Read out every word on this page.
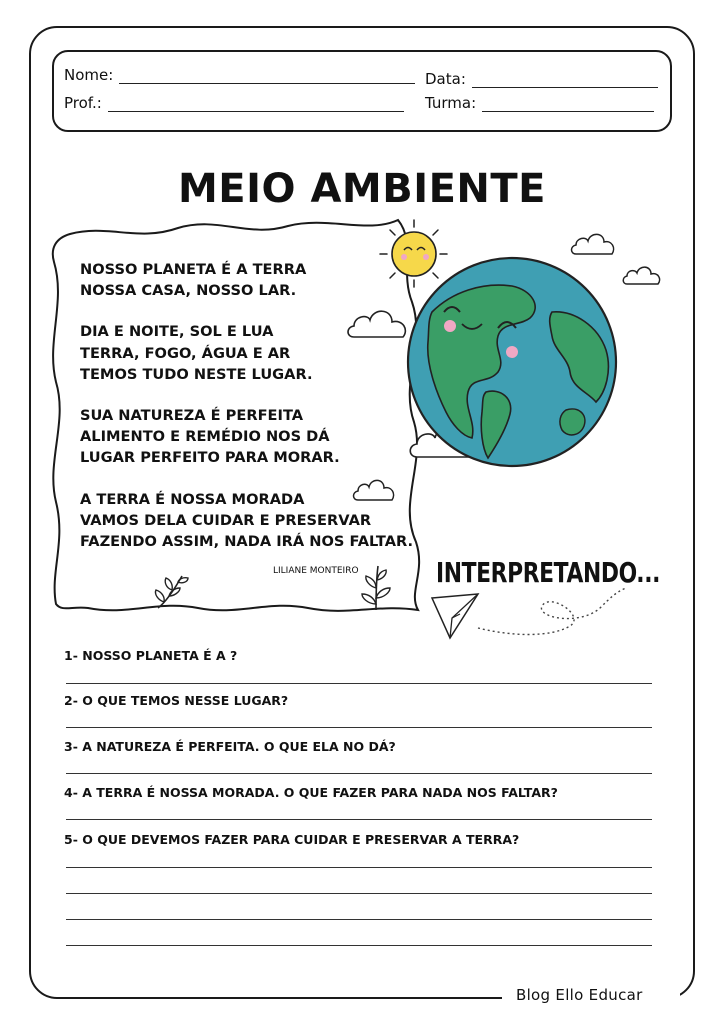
Blog Ello Educar
Nome:	Data:
Prof.:	Turma:
MEIO AMBIENTE
NOSSO PLANETA É A TERRA
NOSSA CASA, NOSSO LAR.
DIA E NOITE, SOL E LUA
TERRA, FOGO, ÁGUA E AR
TEMOS TUDO NESTE LUGAR.
SUA NATUREZA É PERFEITA
ALIMENTO E REMÉDIO NOS DÁ
LUGAR PERFEITO PARA MORAR.
A TERRA É NOSSA MORADA
VAMOS DELA CUIDAR E PRESERVAR
FAZENDO ASSIM, NADA IRÁ NOS FALTAR.
LILIANE MONTEIRO	INTERPRETANDO...
1- NOSSO PLANETA É A ?
2- O QUE TEMOS NESSE LUGAR?
3- A NATUREZA É PERFEITA. O QUE ELA NO DÁ?
4- A TERRA É NOSSA MORADA. O QUE FAZER PARA NADA NOS FALTAR?
5- O QUE DEVEMOS FAZER PARA CUIDAR E PRESERVAR A TERRA?
